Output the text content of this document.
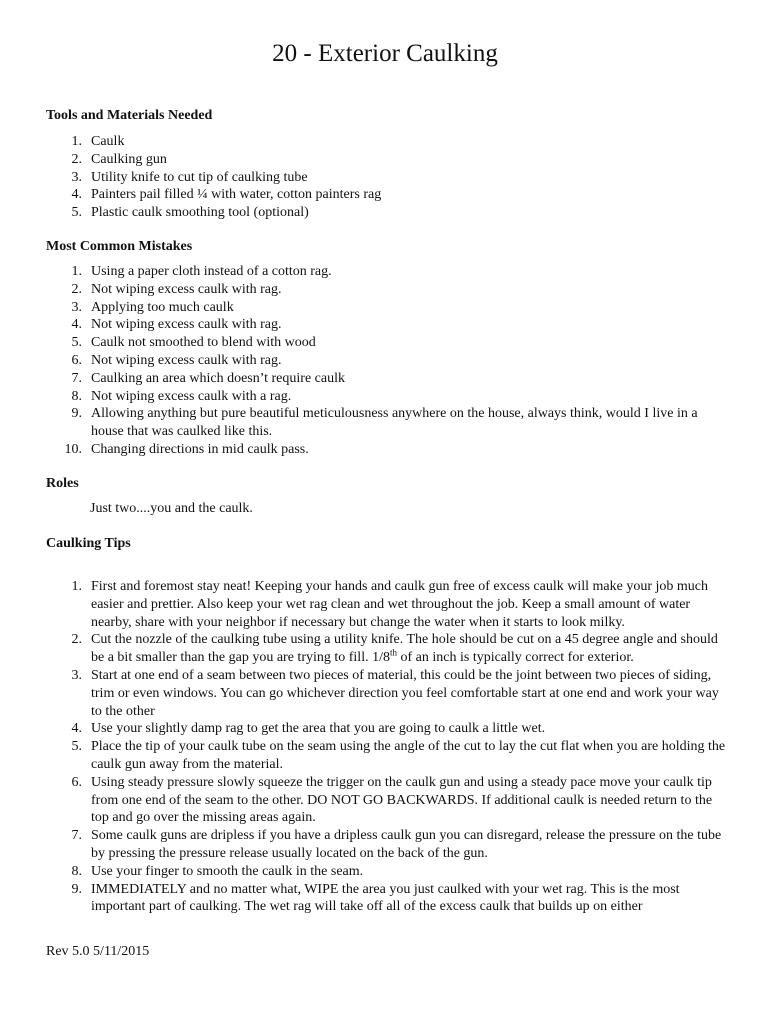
20 - Exterior Caulking
Tools and Materials Needed
1. Caulk
2. Caulking gun
3. Utility knife to cut tip of caulking tube
4. Painters pail filled ¼ with water, cotton painters rag
5. Plastic caulk smoothing tool (optional)
Most Common Mistakes
1. Using a paper cloth instead of a cotton rag.
2. Not wiping excess caulk with rag.
3. Applying too much caulk
4. Not wiping excess caulk with rag.
5. Caulk not smoothed to blend with wood
6. Not wiping excess caulk with rag.
7. Caulking an area which doesn’t require caulk
8. Not wiping excess caulk with a rag.
9. Allowing anything but pure beautiful meticulousness anywhere on the house, always think, would I live in a house that was caulked like this.
10. Changing directions in mid caulk pass.
Roles
Just two....you and the caulk.
Caulking Tips
1. First and foremost stay neat! Keeping your hands and caulk gun free of excess caulk will make your job much easier and prettier. Also keep your wet rag clean and wet throughout the job. Keep a small amount of water nearby, share with your neighbor if necessary but change the water when it starts to look milky.
2. Cut the nozzle of the caulking tube using a utility knife. The hole should be cut on a 45 degree angle and should be a bit smaller than the gap you are trying to fill. 1/8th of an inch is typically correct for exterior.
3. Start at one end of a seam between two pieces of material, this could be the joint between two pieces of siding, trim or even windows. You can go whichever direction you feel comfortable start at one end and work your way to the other
4. Use your slightly damp rag to get the area that you are going to caulk a little wet.
5. Place the tip of your caulk tube on the seam using the angle of the cut to lay the cut flat when you are holding the caulk gun away from the material.
6. Using steady pressure slowly squeeze the trigger on the caulk gun and using a steady pace move your caulk tip from one end of the seam to the other. DO NOT GO BACKWARDS. If additional caulk is needed return to the top and go over the missing areas again.
7. Some caulk guns are dripless if you have a dripless caulk gun you can disregard, release the pressure on the tube by pressing the pressure release usually located on the back of the gun.
8. Use your finger to smooth the caulk in the seam.
9. IMMEDIATELY and no matter what, WIPE the area you just caulked with your wet rag. This is the most important part of caulking. The wet rag will take off all of the excess caulk that builds up on either
Rev 5.0 5/11/2015
